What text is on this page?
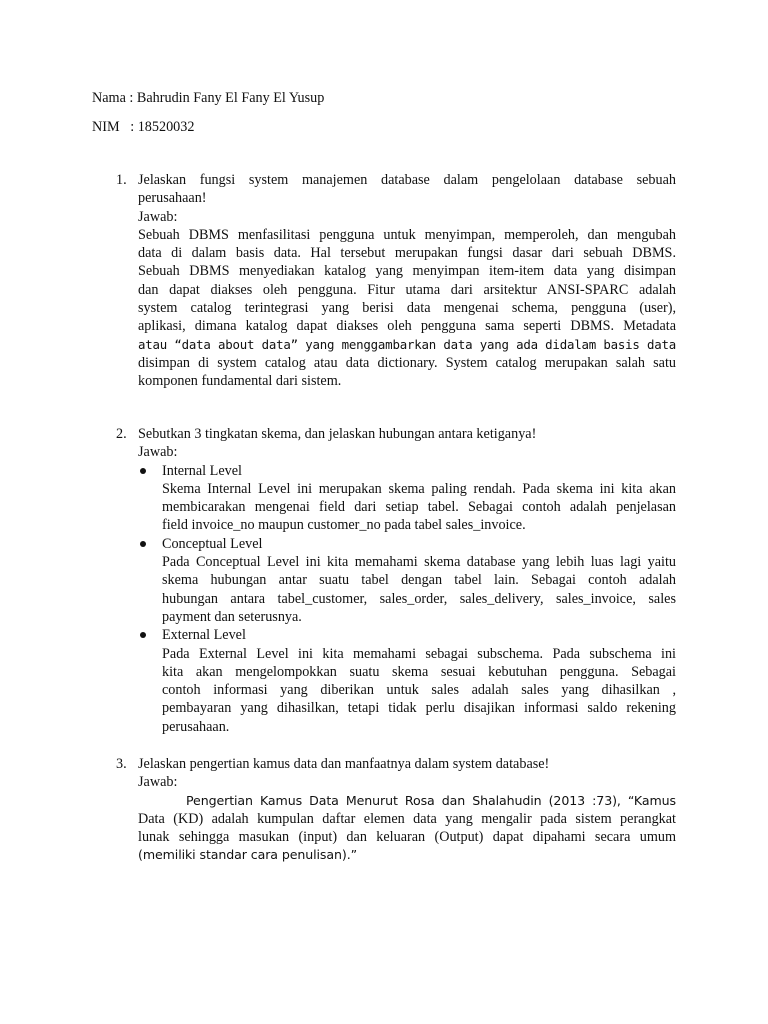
Nama : Bahrudin Fany El Fany El Yusup
NIM   : 18520032
1. Jelaskan fungsi system manajemen database dalam pengelolaan database sebuah
perusahaan!
Jawab:
Sebuah DBMS menfasilitasi pengguna untuk menyimpan, memperoleh, dan mengubah
data di dalam basis data. Hal tersebut merupakan fungsi dasar dari sebuah DBMS.
Sebuah DBMS menyediakan katalog yang menyimpan item-item data yang disimpan
dan dapat diakses oleh pengguna. Fitur utama dari arsitektur ANSI-SPARC adalah
system catalog terintegrasi yang berisi data mengenai schema, pengguna (user),
aplikasi, dimana katalog dapat diakses oleh pengguna sama seperti DBMS. Metadata
atau “data about data” yang menggambarkan data yang ada didalam basis data
disimpan di system catalog atau data dictionary. System catalog merupakan salah satu
komponen fundamental dari sistem.
2. Sebutkan 3 tingkatan skema, dan jelaskan hubungan antara ketiganya!
Jawab:
Internal Level
Skema Internal Level ini merupakan skema paling rendah. Pada skema ini kita akan
membicarakan mengenai field dari setiap tabel. Sebagai contoh adalah penjelasan
field invoice_no maupun customer_no pada tabel sales_invoice.
Conceptual Level
Pada Conceptual Level ini kita memahami skema database yang lebih luas lagi yaitu
skema hubungan antar suatu tabel dengan tabel lain. Sebagai contoh adalah
hubungan antara tabel_customer, sales_order, sales_delivery, sales_invoice, sales
payment dan seterusnya.
External Level
Pada External Level ini kita memahami sebagai subschema. Pada subschema ini
kita akan mengelompokkan suatu skema sesuai kebutuhan pengguna. Sebagai
contoh informasi yang diberikan untuk sales adalah sales yang dihasilkan ,
pembayaran yang dihasilkan, tetapi tidak perlu disajikan informasi saldo rekening
perusahaan.
3. Jelaskan pengertian kamus data dan manfaatnya dalam system database!
Jawab:
Pengertian Kamus Data Menurut Rosa dan Shalahudin (2013 :73), “Kamus
Data (KD) adalah kumpulan daftar elemen data yang mengalir pada sistem perangkat
lunak sehingga masukan (input) dan keluaran (Output) dapat dipahami secara umum
(memiliki standar cara penulisan).”
